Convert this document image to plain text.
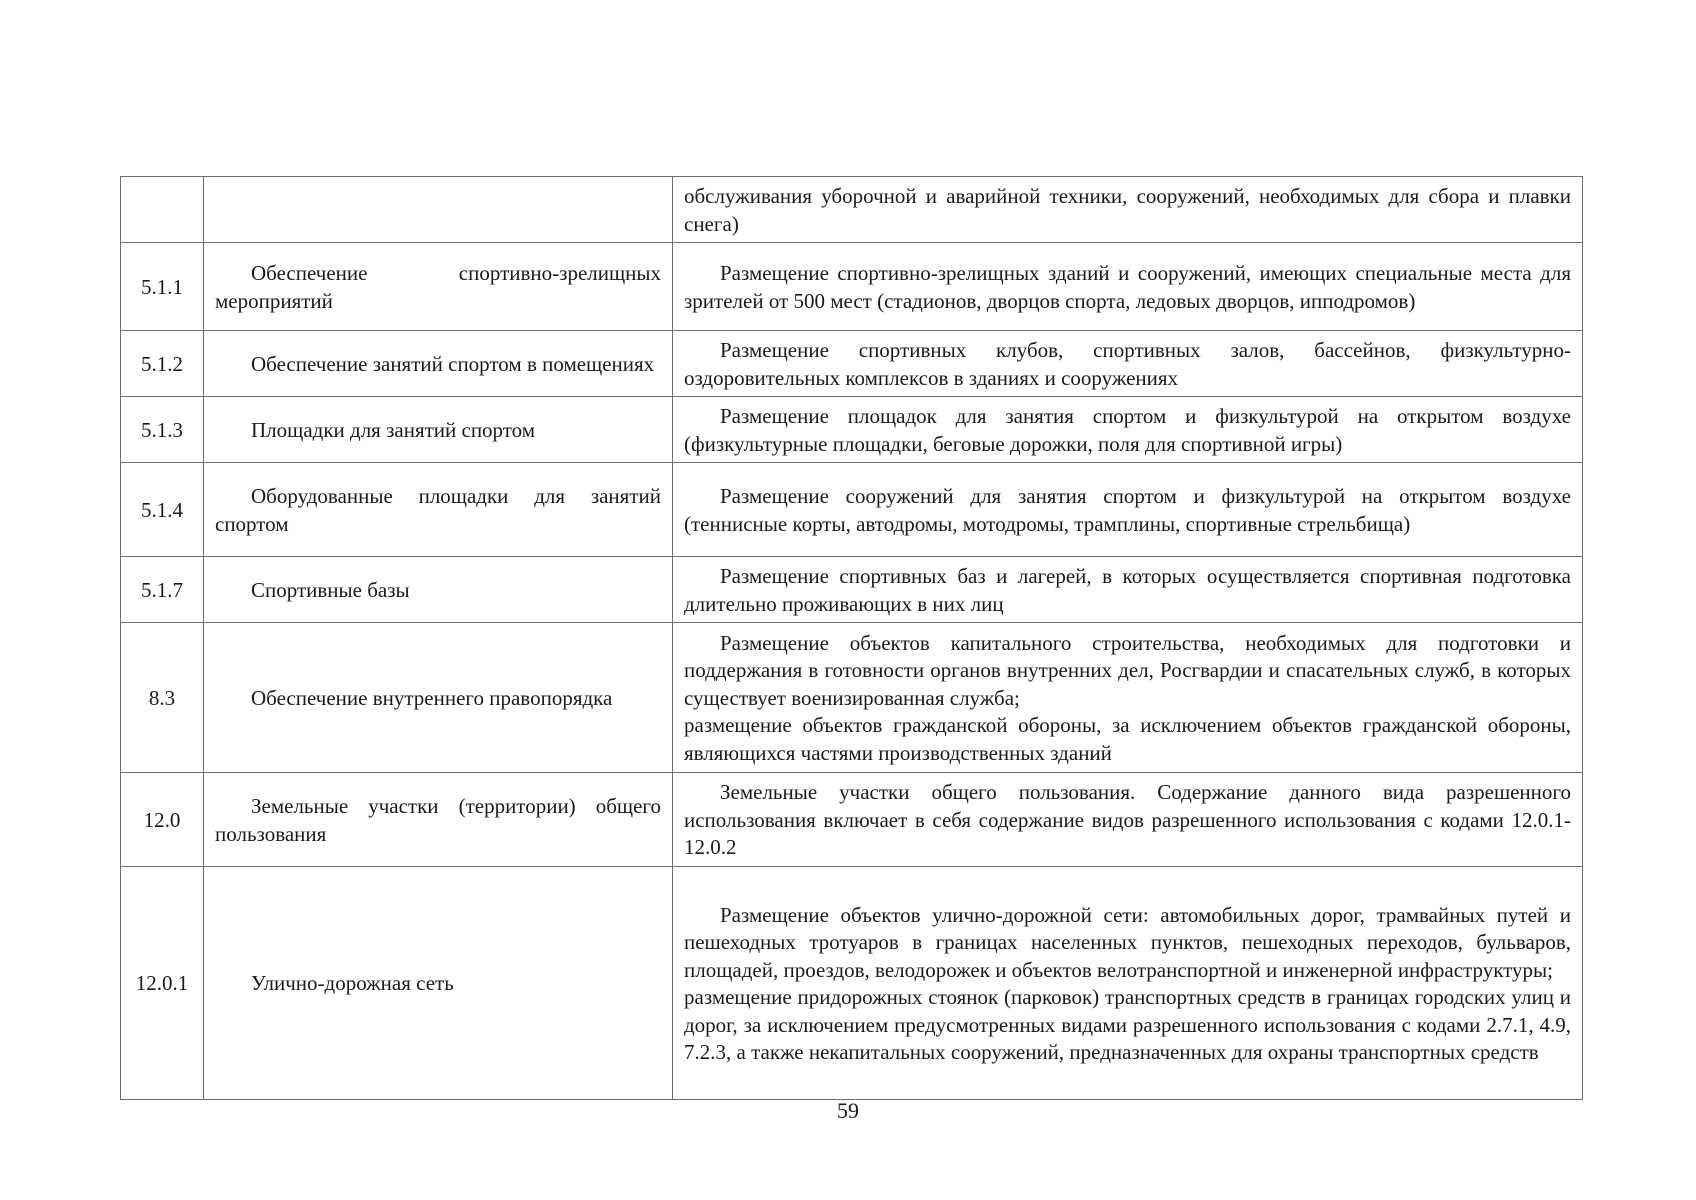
		обслуживания уборочной и аварийной техники, сооружений, необходимых для сбора и плавки снега)

5.1.1	Обеспечение спортивно-зрелищных мероприятий	Размещение спортивно-зрелищных зданий и сооружений, имеющих специальные места для зрителей от 500 мест (стадионов, дворцов спорта, ледовых дворцов, ипподромов)

5.1.2	Обеспечение занятий спортом в помещениях	Размещение спортивных клубов, спортивных залов, бассейнов, физкультурно-оздоровительных комплексов в зданиях и сооружениях

5.1.3	Площадки для занятий спортом	Размещение площадок для занятия спортом и физкультурой на открытом воздухе (физкультурные площадки, беговые дорожки, поля для спортивной игры)

5.1.4	Оборудованные площадки для занятий спортом	Размещение сооружений для занятия спортом и физкультурой на открытом воздухе (теннисные корты, автодромы, мотодромы, трамплины, спортивные стрельбища)

5.1.7	Спортивные базы	Размещение спортивных баз и лагерей, в которых осуществляется спортивная подготовка длительно проживающих в них лиц

8.3	Обеспечение внутреннего правопорядка	Размещение объектов капитального строительства, необходимых для подготовки и поддержания в готовности органов внутренних дел, Росгвардии и спасательных служб, в которых существует военизированная служба;

размещение объектов гражданской обороны, за исключением объектов гражданской обороны, являющихся частями производственных зданий

12.0	Земельные участки (территории) общего пользования	Земельные участки общего пользования. Содержание данного вида разрешенного использования включает в себя содержание видов разрешенного использования с кодами 12.0.1-12.0.2

12.0.1	Улично-дорожная сеть	Размещение объектов улично-дорожной сети: автомобильных дорог, трамвайных путей и пешеходных тротуаров в границах населенных пунктов, пешеходных переходов, бульваров, площадей, проездов, велодорожек и объектов велотранспортной и инженерной инфраструктуры;

размещение придорожных стоянок (парковок) транспортных средств в границах городских улиц и дорог, за исключением предусмотренных видами разрешенного использования с кодами 2.7.1, 4.9, 7.2.3, а также некапитальных сооружений, предназначенных для охраны транспортных средств

59
